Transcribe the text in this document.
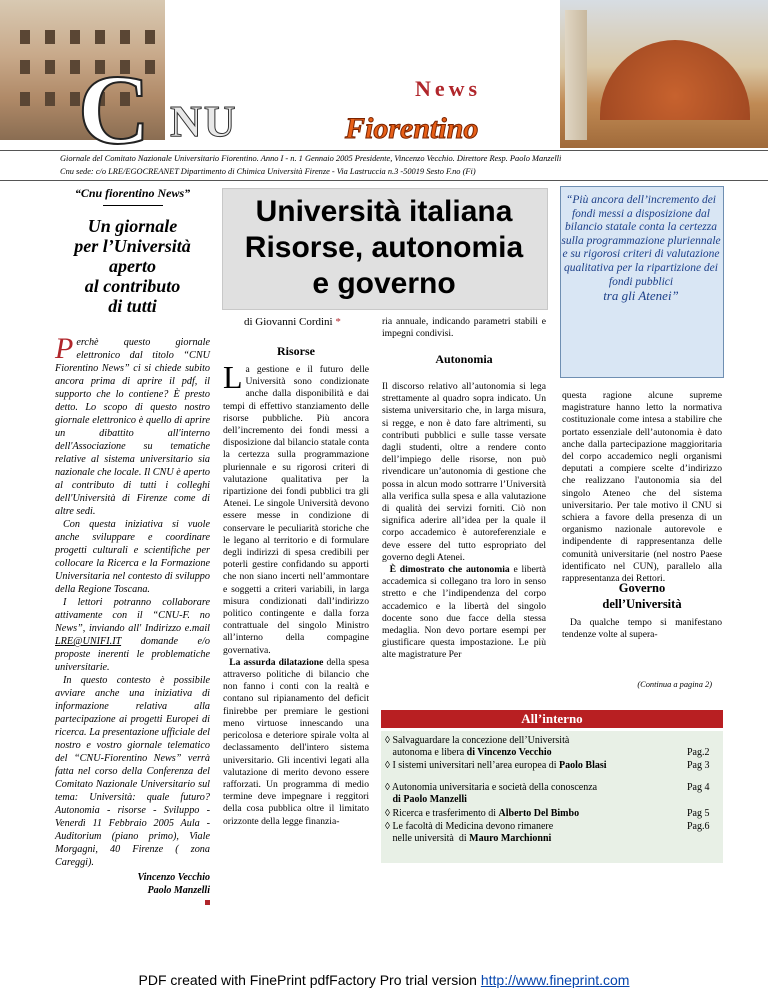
C NU
News
Fiorentino
Giornale del Comitato Nazionale Universitario Fiorentino. Anno I - n. 1 Gennaio 2005 Presidente, Vincenzo Vecchio. Direttore Resp. Paolo Manzelli
Cnu sede: c/o LRE/EGOCREANET Dipartimento di Chimica Università Firenze - Via Lastruccia n.3 -50019 Sesto F.no (Fi)
“Cnu fiorentino News”
Un giornale
per l’Università
aperto
al contributo
di tutti

Perchè questo giornale elettronico dal titolo “CNU Fiorentino News” ci si chiede subito ancora prima di aprire il pdf, il supporto che lo contiene? È presto detto. Lo scopo di questo nostro giornale elettronico è quello di aprire un dibattito all'interno dell'Associazione su tematiche relative al sistema universitario sia nazionale che locale. Il CNU è aperto al contributo di tutti i colleghi dell'Università di Firenze come di altre sedi.

Con questa iniziativa si vuole anche sviluppare e coordinare progetti culturali e scientifiche per collocare la Ricerca e la Formazione Universitaria nel contesto di sviluppo della Regione Toscana.

I lettori potranno collaborare attivamente con il “CNU-F. no News”, inviando all' Indirizzo e.mail LRE@UNIFI.IT domande e/o proposte inerenti le problematiche universitarie.

In questo contesto è possibile avviare anche una iniziativa di informazione relativa alla partecipazione ai progetti Europei di ricerca. La presentazione ufficiale del nostro e vostro giornale telematico del “CNU-Fiorentino News” verrà fatta nel corso della Conferenza del Comitato Nazionale Universitario sul tema: Università: quale futuro? Autonomia - risorse - Sviluppo - Venerdì 11 Febbraio 2005 Aula - Auditorium (piano primo), Viale Morgagni, 40 Firenze ( zona Careggi).

Vincenzo Vecchio
Paolo Manzelli
Università italiana
Risorse, autonomia
e governo
“Più ancora dell’incremento dei fondi messi a disposizione dal bilancio statale conta la certezza sulla programmazione pluriennale e su rigorosi criteri di valutazione qualitativa per la ripartizione dei fondi pubblici
tra gli Atenei”
di Giovanni Cordini *
Risorse
La gestione e il futuro delle Università sono condizionate anche dalla disponibilità e dai tempi di effettivo stanziamento delle risorse pubbliche. Più ancora dell’incremento dei fondi messi a disposizione dal bilancio statale conta la certezza sulla programmazione pluriennale e su rigorosi criteri di valutazione qualitativa per la ripartizione dei fondi pubblici tra gli Atenei. Le singole Università devono essere messe in condizione di conservare le peculiarità storiche che le legano al territorio e di formulare degli indirizzi di spesa credibili per poterli gestire confidando su apporti che non siano incerti nell’ammontare e soggetti a criteri variabili, in larga misura condizionati dall’indirizzo politico contingente e dalla forza contrattuale del singolo Ministro all’interno della compagine governativa.
La assurda dilatazione della spesa attraverso politiche di bilancio che non fanno i conti con la realtà e contano sul ripianamento del deficit finirebbe per premiare le gestioni meno virtuose innescando una pericolosa e deteriore spirale volta al declassamento dell'intero sistema universitario. Gli incentivi legati alla valutazione di merito devono essere rafforzati. Un programma di medio termine deve impegnare i reggitori della cosa pubblica oltre il limitato orizzonte della legge finanzia-
ria annuale, indicando parametri stabili e impegni condivisi.
Autonomia
Il discorso relativo all’autonomia si lega strettamente al quadro sopra indicato. Un sistema universitario che, in larga misura, si regge, e non è dato fare altrimenti, su contributi pubblici e sulle tasse versate dagli studenti, oltre a rendere conto dell’impiego delle risorse, non può rivendicare un’autonomia di gestione che possa in alcun modo sottrarre l’Università alla verifica sulla spesa e alla valutazione di qualità dei servizi forniti. Ciò non significa aderire all’idea per la quale il corpo accademico è autoreferenziale e deve essere del tutto espropriato del governo degli Atenei.
È dimostrato che autonomia e libertà accademica si collegano tra loro in senso stretto e che l’indipendenza del corpo accademico e la libertà del singolo docente sono due facce della stessa medaglia. Non devo portare esempi per giustificare questa impostazione. Le più alte magistrature Per
questa ragione alcune supreme magistrature hanno letto la normativa costituzionale come intesa a stabilire che portato essenziale dell’autonomia è dato anche dalla partecipazione maggioritaria del corpo accademico negli organismi deputati a compiere scelte d’indirizzo che realizzano l'autonomia sia del singolo Ateneo che del sistema universitario. Per tale motivo il CNU si schiera a favore della presenza di un organismo nazionale autorevole e indipendente di rappresentanza delle comunità universitarie (nel nostro Paese identificato nel CUN), parallelo alla rappresentanza dei Rettori.
Governo
dell’Università
Da qualche tempo si manifestano tendenze volte al supera-
(Continua a pagina 2)
All’interno
◊ Salvaguardare la concezione dell’Università
autonoma e libera di Vincenzo Vecchio	Pag.2
◊ I sistemi universitari nell’area europea di Paolo Blasi	Pag 3
◊ Autonomia universitaria e società della conoscenza
di Paolo Manzelli
Pag 4
◊ Ricerca e trasferimento di Alberto Del Bimbo	Pag 5
◊ Le facoltà di Medicina devono rimanere
nelle università  di Mauro Marchionni
Pag.6
PDF created with FinePrint pdfFactory Pro trial version http://www.fineprint.com
